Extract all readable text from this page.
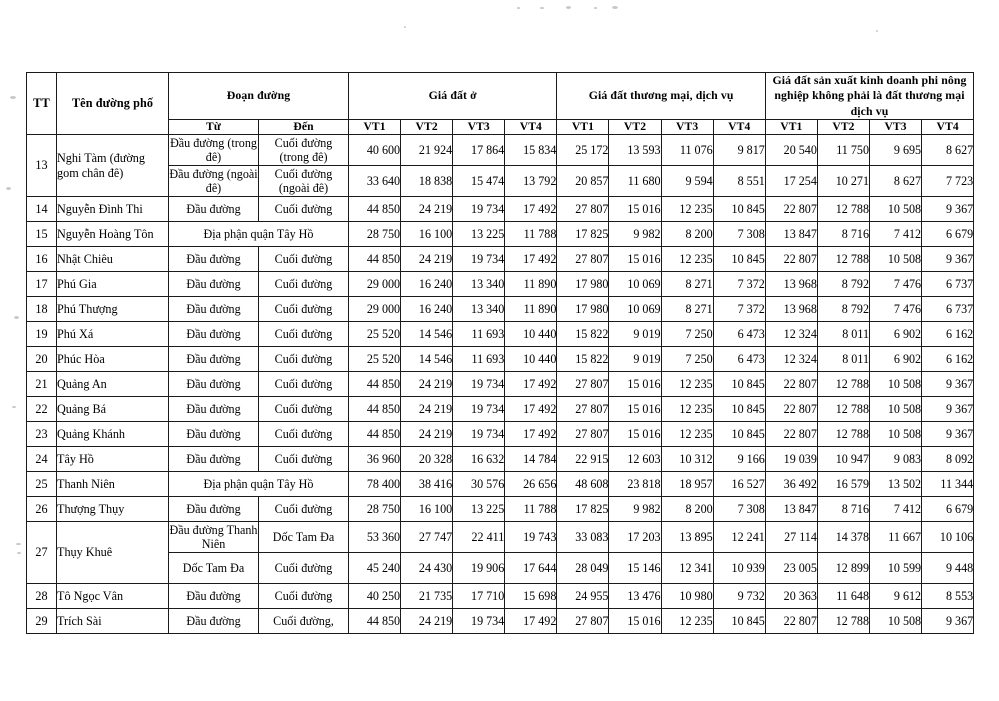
TT	Tên đường phố	Đoạn đường		Giá đất ở				Giá đất thương mại, dịch vụ				Giá đất sản xuất kinh doanh phi nông nghiệp không phải là đất thương mại dịch vụ			
		Từ	Đến	VT1	VT2	VT3	VT4	VT1	VT2	VT3	VT4	VT1	VT2	VT3	VT4
13	Nghi Tàm (đường gom chân đê)	Đầu đường (trong đê)	Cuối đường (trong đê)	40 600	21 924	17 864	15 834	25 172	13 593	11 076	9 817	20 540	11 750	9 695	8 627
		Đầu đường (ngoài đê)	Cuối đường (ngoài đê)	33 640	18 838	15 474	13 792	20 857	11 680	9 594	8 551	17 254	10 271	8 627	7 723
14	Nguyễn Đình Thi	Đầu đường	Cuối đường	44 850	24 219	19 734	17 492	27 807	15 016	12 235	10 845	22 807	12 788	10 508	9 367
15	Nguyễn Hoàng Tôn	Địa phận quận Tây Hồ		28 750	16 100	13 225	11 788	17 825	9 982	8 200	7 308	13 847	8 716	7 412	6 679
16	Nhật Chiêu	Đầu đường	Cuối đường	44 850	24 219	19 734	17 492	27 807	15 016	12 235	10 845	22 807	12 788	10 508	9 367
17	Phú Gia	Đầu đường	Cuối đường	29 000	16 240	13 340	11 890	17 980	10 069	8 271	7 372	13 968	8 792	7 476	6 737
18	Phú Thượng	Đầu đường	Cuối đường	29 000	16 240	13 340	11 890	17 980	10 069	8 271	7 372	13 968	8 792	7 476	6 737
19	Phú Xá	Đầu đường	Cuối đường	25 520	14 546	11 693	10 440	15 822	9 019	7 250	6 473	12 324	8 011	6 902	6 162
20	Phúc Hòa	Đầu đường	Cuối đường	25 520	14 546	11 693	10 440	15 822	9 019	7 250	6 473	12 324	8 011	6 902	6 162
21	Quảng An	Đầu đường	Cuối đường	44 850	24 219	19 734	17 492	27 807	15 016	12 235	10 845	22 807	12 788	10 508	9 367
22	Quảng Bá	Đầu đường	Cuối đường	44 850	24 219	19 734	17 492	27 807	15 016	12 235	10 845	22 807	12 788	10 508	9 367
23	Quảng Khánh	Đầu đường	Cuối đường	44 850	24 219	19 734	17 492	27 807	15 016	12 235	10 845	22 807	12 788	10 508	9 367
24	Tây Hồ	Đầu đường	Cuối đường	36 960	20 328	16 632	14 784	22 915	12 603	10 312	9 166	19 039	10 947	9 083	8 092
25	Thanh Niên	Địa phận quận Tây Hồ		78 400	38 416	30 576	26 656	48 608	23 818	18 957	16 527	36 492	16 579	13 502	11 344
26	Thượng Thụy	Đầu đường	Cuối đường	28 750	16 100	13 225	11 788	17 825	9 982	8 200	7 308	13 847	8 716	7 412	6 679
27	Thụy Khuê	Đầu đường Thanh Niên	Dốc Tam Đa	53 360	27 747	22 411	19 743	33 083	17 203	13 895	12 241	27 114	14 378	11 667	10 106
		Dốc Tam Đa	Cuối đường	45 240	24 430	19 906	17 644	28 049	15 146	12 341	10 939	23 005	12 899	10 599	9 448
28	Tô Ngọc Vân	Đầu đường	Cuối đường	40 250	21 735	17 710	15 698	24 955	13 476	10 980	9 732	20 363	11 648	9 612	8 553
29	Trích Sài	Đầu đường	Cuối đường,	44 850	24 219	19 734	17 492	27 807	15 016	12 235	10 845	22 807	12 788	10 508	9 367
